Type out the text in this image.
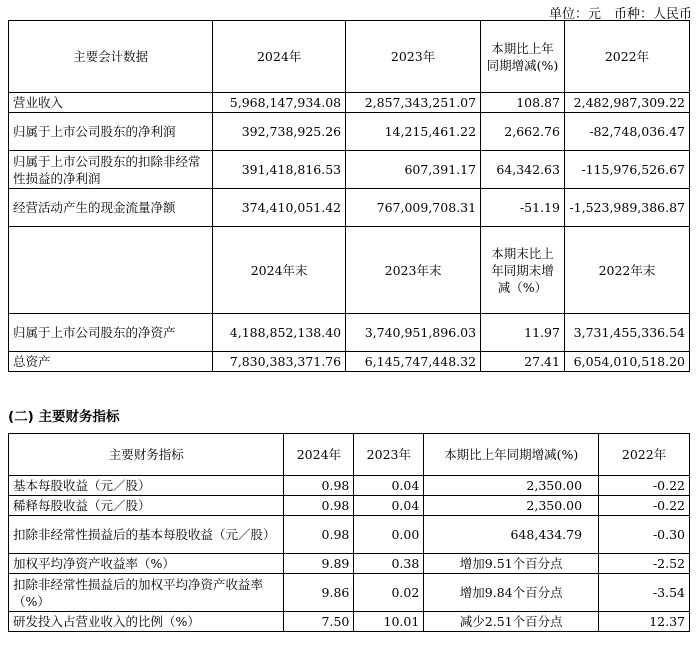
单位：元　币种：人民币
主要会计数据	2024年	2023年	本期比上年同期增减(%)	2022年
营业收入	5,968,147,934.08	2,857,343,251.07	108.87	2,482,987,309.22
归属于上市公司股东的净利润	392,738,925.26	14,215,461.22	2,662.76	-82,748,036.47
归属于上市公司股东的扣除非经常性损益的净利润	391,418,816.53	607,391.17	64,342.63	-115,976,526.67
经营活动产生的现金流量净额	374,410,051.42	767,009,708.31	-51.19	-1,523,989,386.87
	2024年末	2023年末	本期末比上年同期末增减（%）	2022年末
归属于上市公司股东的净资产	4,188,852,138.40	3,740,951,896.03	11.97	3,731,455,336.54
总资产	7,830,383,371.76	6,145,747,448.32	27.41	6,054,010,518.20
(二) 主要财务指标
主要财务指标	2024年	2023年	本期比上年同期增减(%)	2022年
基本每股收益（元／股）	0.98	0.04	2,350.00	-0.22
稀释每股收益（元／股）	0.98	0.04	2,350.00	-0.22
扣除非经常性损益后的基本每股收益（元／股）	0.98	0.00	648,434.79	-0.30
加权平均净资产收益率（%）	9.89	0.38	增加9.51个百分点	-2.52
扣除非经常性损益后的加权平均净资产收益率（%）	9.86	0.02	增加9.84个百分点	-3.54
研发投入占营业收入的比例（%）	7.50	10.01	减少2.51个百分点	12.37
